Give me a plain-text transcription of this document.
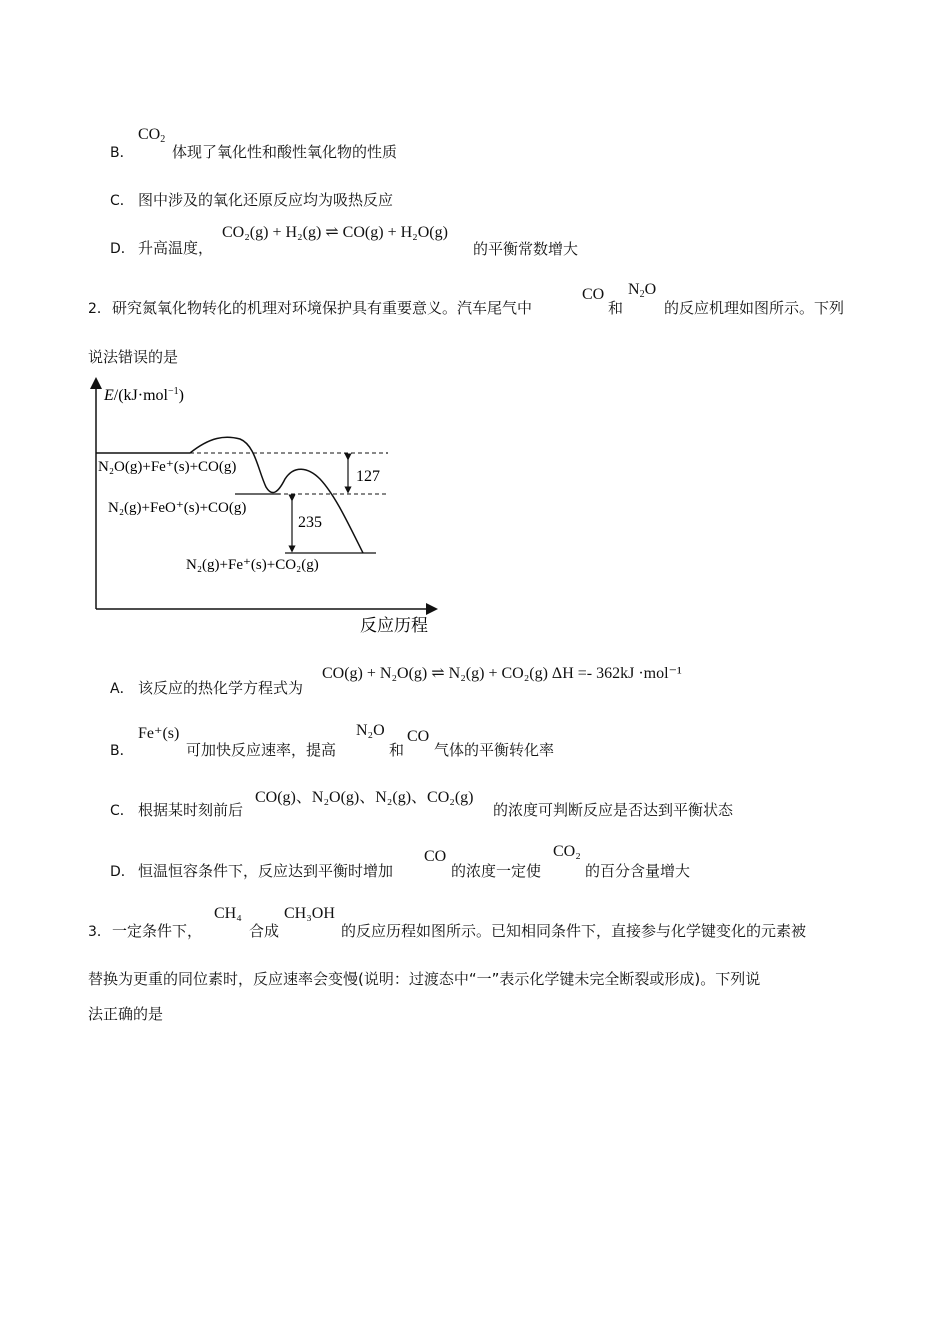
B．
$CO_2$
体现了氧化性和酸性氧化物的性质
C． 图中涉及的氧化还原反应均为吸热反应
D． 升高温度，
CO₂(g) + H₂(g) ⇌ CO(g) + H₂O(g)
的平衡常数增大
2． 研究氮氧化物转化的机理对环境保护具有重要意义。汽车尾气中
CO
和
$N_2O$
的反应机理如图所示。下列
说法错误的是
E/(kJ·mol$^{-1}$)
127
235
N₂O(g)+Fe⁺(s)+CO(g)
N₂(g)+FeO⁺(s)+CO(g)
N₂(g)+Fe⁺(s)+CO₂(g)
反应历程
A． 该反应的热化学方程式为
CO(g) + N₂O(g) ⇌ N₂(g) + CO₂(g) ΔH =- 362kJ ·mol⁻¹
B．
Fe⁺(s)
可加快反应速率，提高
N₂O
和
CO
气体的平衡转化率
C． 根据某时刻前后
CO(g)、N₂O(g)、N₂(g)、CO₂(g)
的浓度可判断反应是否达到平衡状态
D． 恒温恒容条件下，反应达到平衡时增加
CO
的浓度一定使
CO₂
的百分含量增大
3． 一定条件下，
CH₄
合成
CH₃OH
的反应历程如图所示。已知相同条件下，直接参与化学键变化的元素被
替换为更重的同位素时，反应速率会变慢(说明：过渡态中“一”表示化学键未完全断裂或形成)。下列说
法正确的是
